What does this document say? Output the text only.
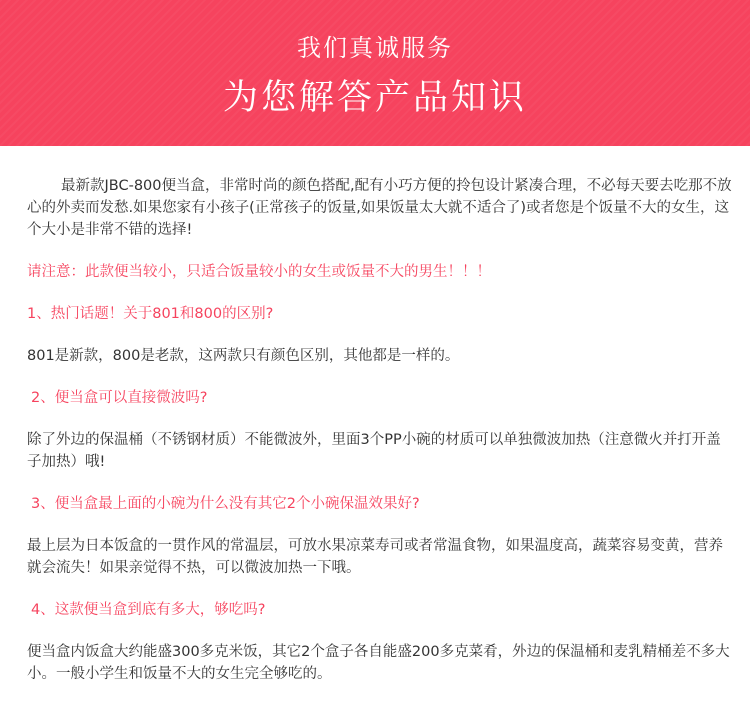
我们真诚服务
为您解答产品知识

最新款JBC-800便当盒，非常时尚的颜色搭配,配有小巧方便的拎包设计紧凑合理，不必每天要去吃那不放心的外卖而发愁.如果您家有小孩子(正常孩子的饭量,如果饭量太大就不适合了)或者您是个饭量不大的女生，这个大小是非常不错的选择!

请注意：此款便当较小，只适合饭量较小的女生或饭量不大的男生！！！

1、热门话题！关于801和800的区别?

801是新款，800是老款，这两款只有颜色区别，其他都是一样的。

2、便当盒可以直接微波吗?

除了外边的保温桶（不锈钢材质）不能微波外，里面3个PP小碗的材质可以单独微波加热（注意微火并打开盖子加热）哦!

3、便当盒最上面的小碗为什么没有其它2个小碗保温效果好?

最上层为日本饭盒的一贯作风的常温层，可放水果凉菜寿司或者常温食物，如果温度高，蔬菜容易变黄，营养就会流失！如果亲觉得不热，可以微波加热一下哦。

4、这款便当盒到底有多大，够吃吗?

便当盒内饭盒大约能盛300多克米饭，其它2个盒子各自能盛200多克菜肴，外边的保温桶和麦乳精桶差不多大小。一般小学生和饭量不大的女生完全够吃的。
